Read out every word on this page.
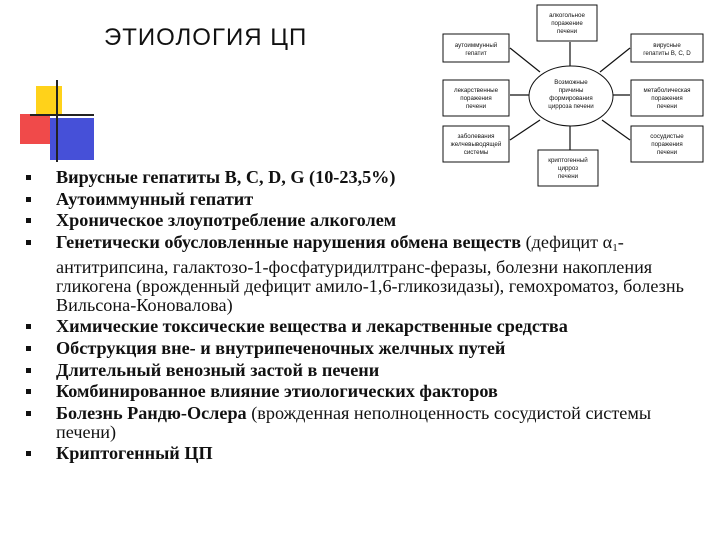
ЭТИОЛОГИЯ ЦП
алкогольное
поражение
печени
аутоиммунный
гепатит
лекарственные
поражения
печени
заболевания
желчевыводящей
системы
вирусные
гепатиты В, С, D
метаболическая
поражения
печени
сосудистые
поражения
печени
криптогенный
цирроз
печени
Возможные
причины
формирования
цирроза печени
Вирусные гепатиты В, С, D, G (10-23,5%)
Аутоиммунный гепатит
Хроническое злоупотребление алкоголем
Генетически обусловленные нарушения обмена веществ (дефицит $\alpha_1$-антитрипсина, галактозо-1-фосфатуридилтранс-феразы, болезни накопления гликогена (врожденный дефицит амило-1,6-гликозидазы), гемохроматоз, болезнь Вильсона-Коновалова)
Химические токсические вещества и лекарственные средства
Обструкция вне- и внутрипеченочных желчных путей
Длительный венозный застой в печени
Комбинированное влияние этиологических факторов
Болезнь Рандю-Ослера (врожденная неполноценность сосудистой системы печени)
Криптогенный ЦП
